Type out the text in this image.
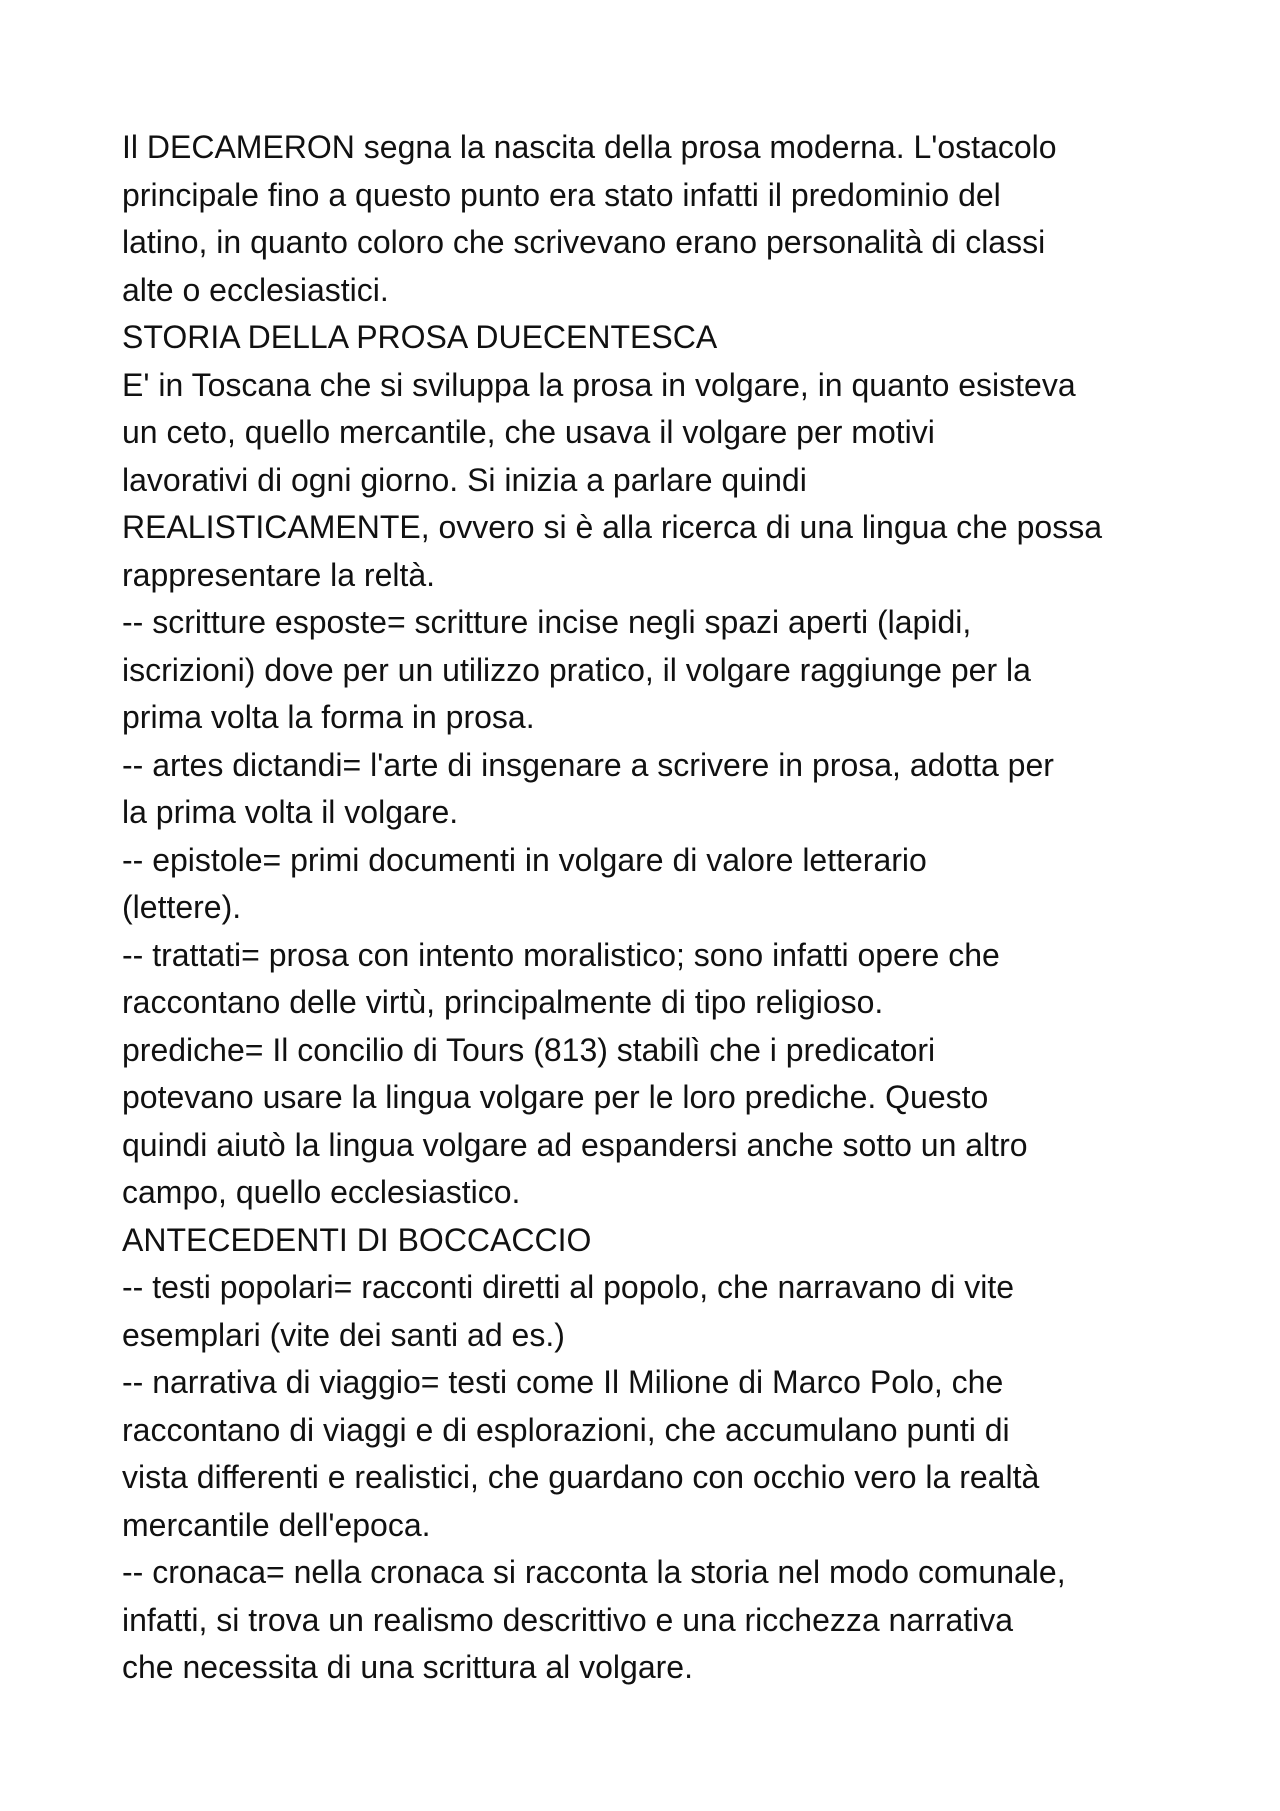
Il DECAMERON segna la nascita della prosa moderna. L'ostacolo
principale fino a questo punto era stato infatti il predominio del
latino, in quanto coloro che scrivevano erano personalità di classi
alte o ecclesiastici.
STORIA DELLA PROSA DUECENTESCA
E' in Toscana che si sviluppa la prosa in volgare, in quanto esisteva
un ceto, quello mercantile, che usava il volgare per motivi
lavorativi di ogni giorno. Si inizia a parlare quindi
REALISTICAMENTE, ovvero si è alla ricerca di una lingua che possa
rappresentare la reltà.
-- scritture esposte= scritture incise negli spazi aperti (lapidi,
iscrizioni) dove per un utilizzo pratico, il volgare raggiunge per la
prima volta la forma in prosa.
-- artes dictandi= l'arte di insgenare a scrivere in prosa, adotta per
la prima volta il volgare.
-- epistole= primi documenti in volgare di valore letterario
(lettere).
-- trattati= prosa con intento moralistico; sono infatti opere che
raccontano delle virtù, principalmente di tipo religioso.
prediche= Il concilio di Tours (813) stabilì che i predicatori
potevano usare la lingua volgare per le loro prediche. Questo
quindi aiutò la lingua volgare ad espandersi anche sotto un altro
campo, quello ecclesiastico.
ANTECEDENTI DI BOCCACCIO
-- testi popolari= racconti diretti al popolo, che narravano di vite
esemplari (vite dei santi ad es.)
-- narrativa di viaggio= testi come Il Milione di Marco Polo, che
raccontano di viaggi e di esplorazioni, che accumulano punti di
vista differenti e realistici, che guardano con occhio vero la realtà
mercantile dell'epoca.
-- cronaca= nella cronaca si racconta la storia nel modo comunale,
infatti, si trova un realismo descrittivo e una ricchezza narrativa
che necessita di una scrittura al volgare.
